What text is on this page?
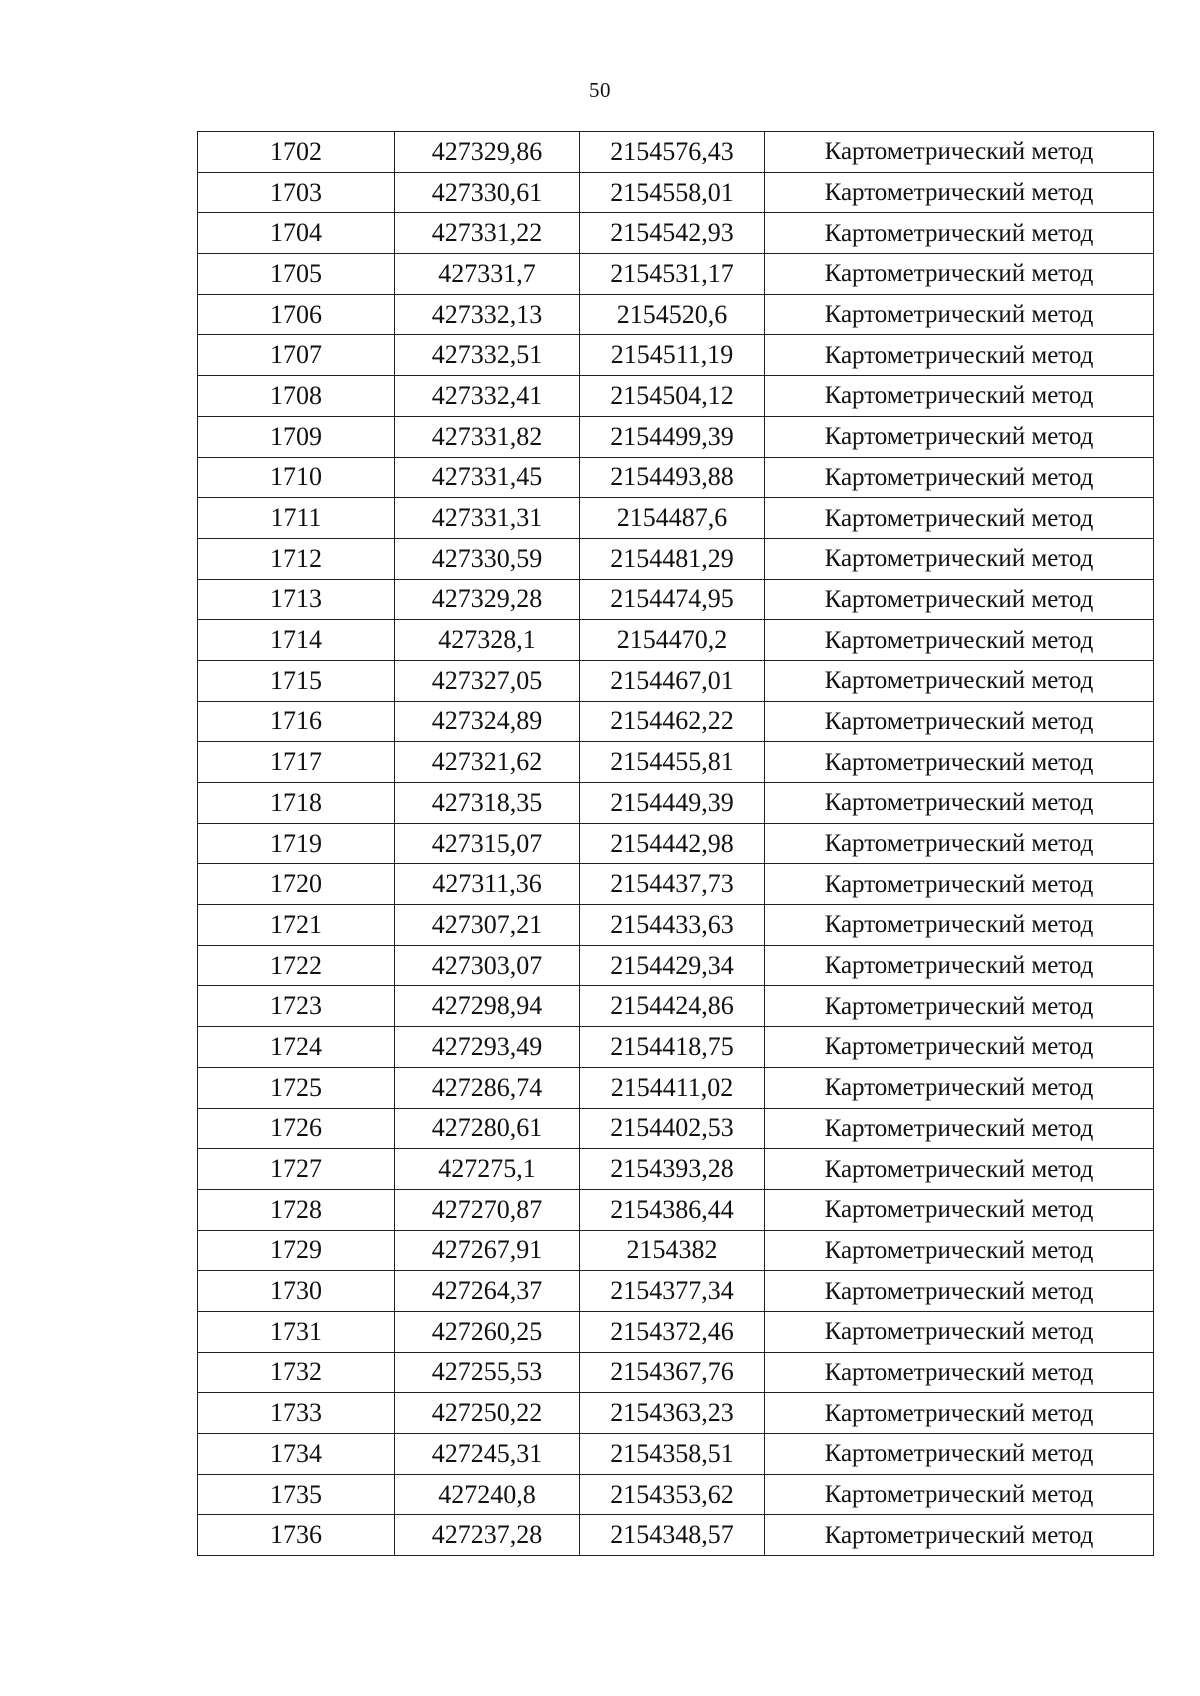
50
1702	427329,86	2154576,43	Картометрический метод
1703	427330,61	2154558,01	Картометрический метод
1704	427331,22	2154542,93	Картометрический метод
1705	427331,7	2154531,17	Картометрический метод
1706	427332,13	2154520,6	Картометрический метод
1707	427332,51	2154511,19	Картометрический метод
1708	427332,41	2154504,12	Картометрический метод
1709	427331,82	2154499,39	Картометрический метод
1710	427331,45	2154493,88	Картометрический метод
1711	427331,31	2154487,6	Картометрический метод
1712	427330,59	2154481,29	Картометрический метод
1713	427329,28	2154474,95	Картометрический метод
1714	427328,1	2154470,2	Картометрический метод
1715	427327,05	2154467,01	Картометрический метод
1716	427324,89	2154462,22	Картометрический метод
1717	427321,62	2154455,81	Картометрический метод
1718	427318,35	2154449,39	Картометрический метод
1719	427315,07	2154442,98	Картометрический метод
1720	427311,36	2154437,73	Картометрический метод
1721	427307,21	2154433,63	Картометрический метод
1722	427303,07	2154429,34	Картометрический метод
1723	427298,94	2154424,86	Картометрический метод
1724	427293,49	2154418,75	Картометрический метод
1725	427286,74	2154411,02	Картометрический метод
1726	427280,61	2154402,53	Картометрический метод
1727	427275,1	2154393,28	Картометрический метод
1728	427270,87	2154386,44	Картометрический метод
1729	427267,91	2154382	Картометрический метод
1730	427264,37	2154377,34	Картометрический метод
1731	427260,25	2154372,46	Картометрический метод
1732	427255,53	2154367,76	Картометрический метод
1733	427250,22	2154363,23	Картометрический метод
1734	427245,31	2154358,51	Картометрический метод
1735	427240,8	2154353,62	Картометрический метод
1736	427237,28	2154348,57	Картометрический метод
